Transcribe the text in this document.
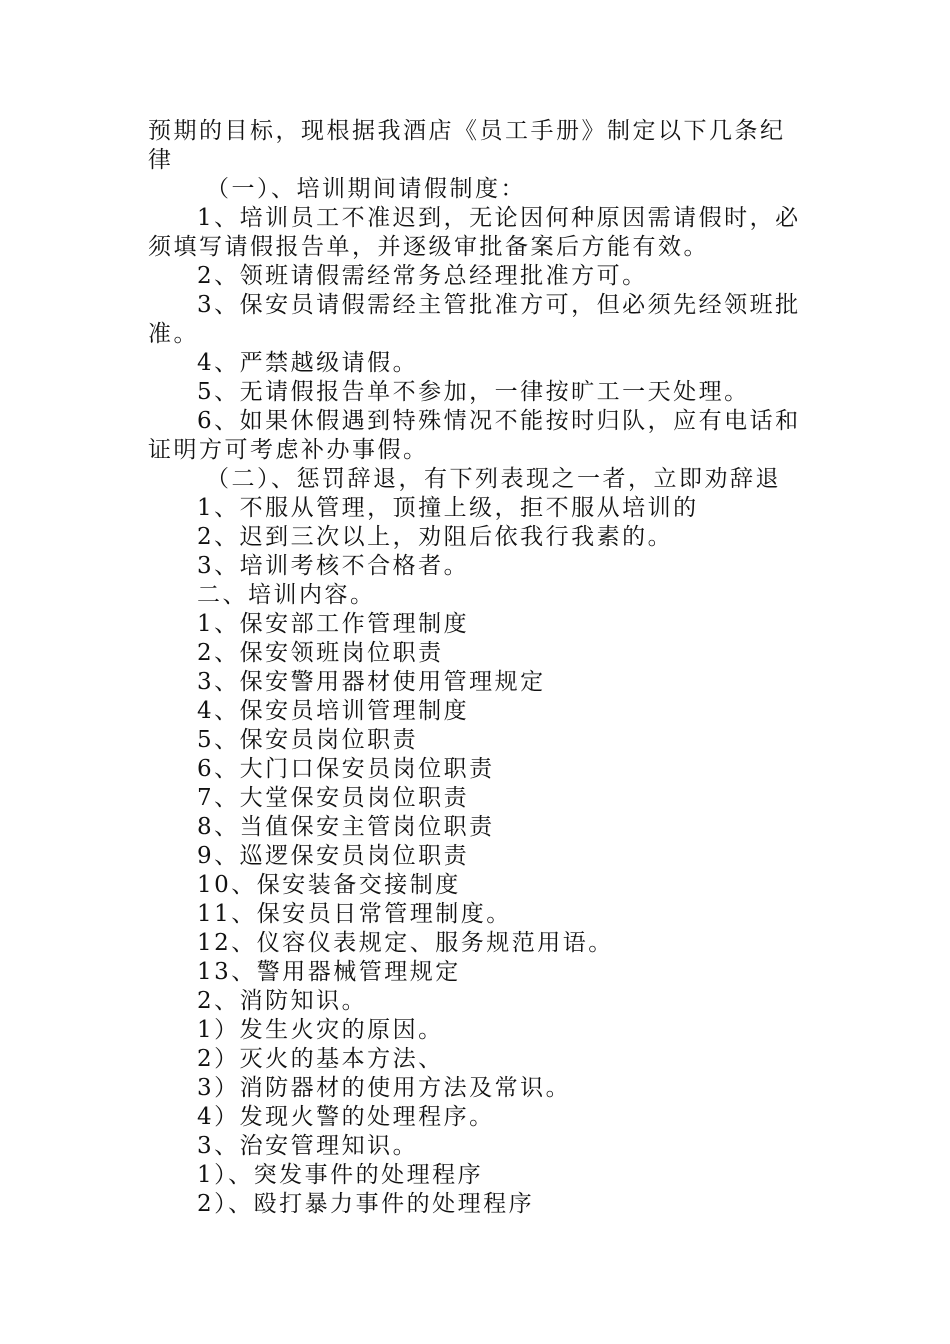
预期的目标，现根据我酒店《员工手册》制定以下几条纪
律
（一）、培训期间请假制度：
1、培训员工不准迟到，无论因何种原因需请假时，必
须填写请假报告单，并逐级审批备案后方能有效。
2、领班请假需经常务总经理批准方可。
3、保安员请假需经主管批准方可，但必须先经领班批
准。
4、严禁越级请假。
5、无请假报告单不参加，一律按旷工一天处理。
6、如果休假遇到特殊情况不能按时归队，应有电话和
证明方可考虑补办事假。
（二）、惩罚辞退，有下列表现之一者，立即劝辞退
1、不服从管理，顶撞上级，拒不服从培训的
2、迟到三次以上，劝阻后依我行我素的。
3、培训考核不合格者。
二、培训内容。
1、保安部工作管理制度
2、保安领班岗位职责
3、保安警用器材使用管理规定
4、保安员培训管理制度
5、保安员岗位职责
6、大门口保安员岗位职责
7、大堂保安员岗位职责
8、当值保安主管岗位职责
9、巡逻保安员岗位职责
10、保安装备交接制度
11、保安员日常管理制度。
12、仪容仪表规定、服务规范用语。
13、警用器械管理规定
2、消防知识。
1）发生火灾的原因。
2）灭火的基本方法、
3）消防器材的使用方法及常识。
4）发现火警的处理程序。
3、治安管理知识。
1）、突发事件的处理程序
2）、殴打暴力事件的处理程序
